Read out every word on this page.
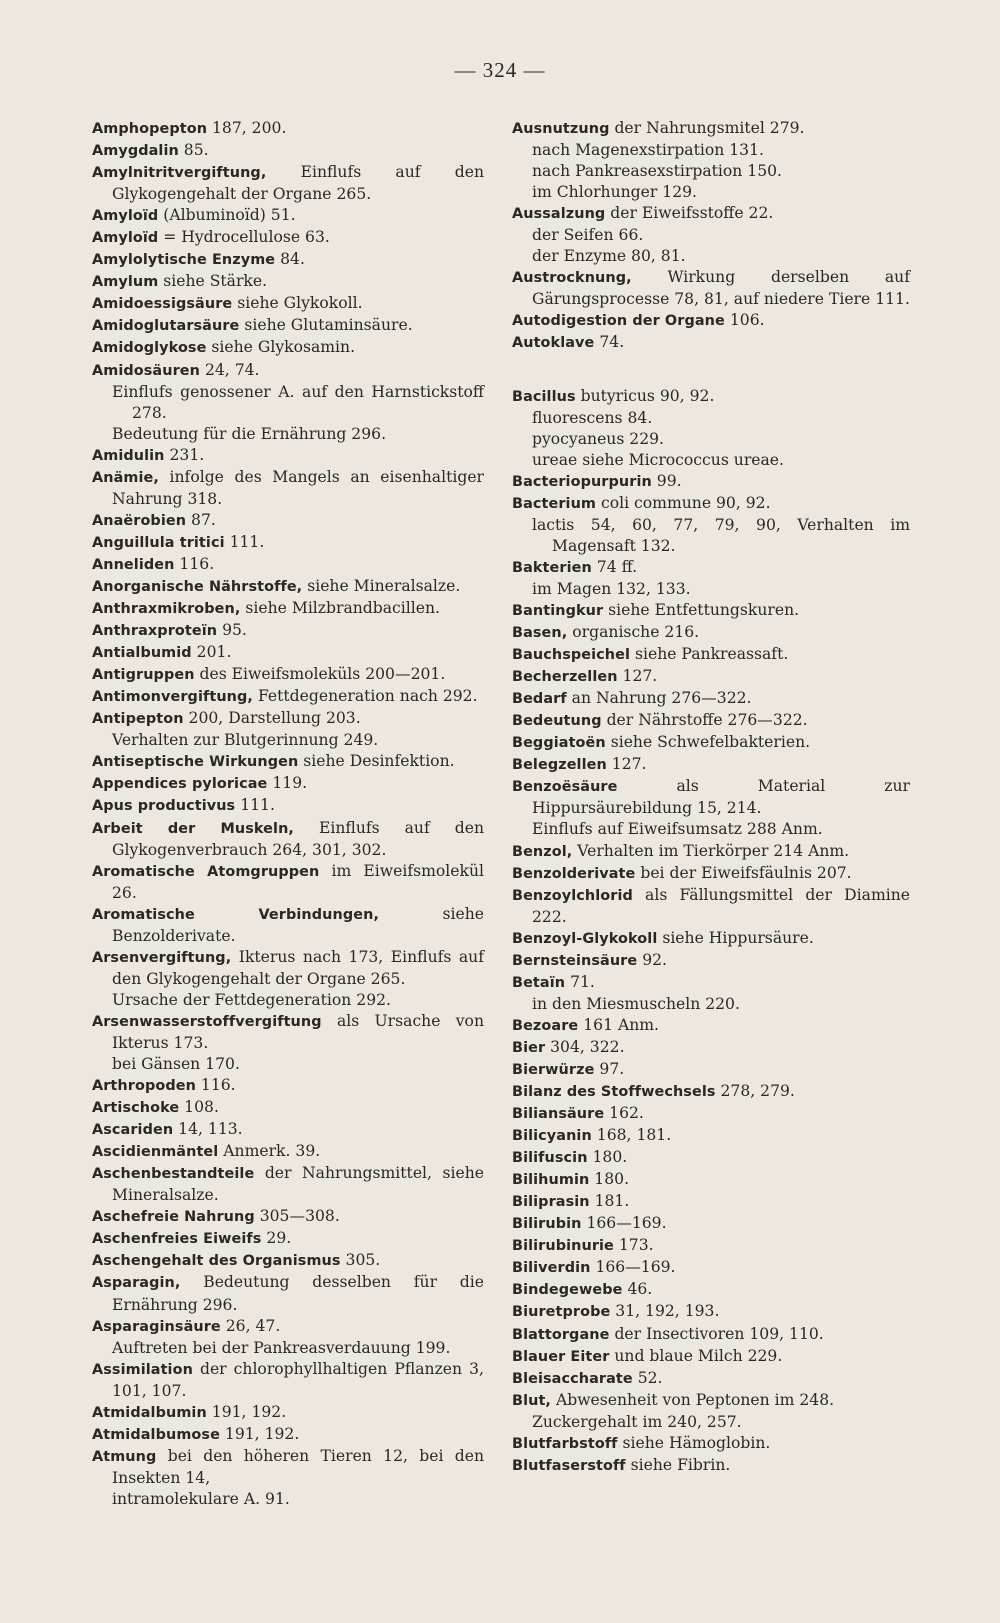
— 324 —
Amphopepton 187, 200.
Amygdalin 85.
Amylnitritvergiftung, Einflufs auf den Glykogengehalt der Organe 265.
Amyloïd (Albuminoïd) 51.
Amyloïd = Hydrocellulose 63.
Amylolytische Enzyme 84.
Amylum siehe Stärke.
Amidoessigsäure siehe Glykokoll.
Amidoglutarsäure siehe Glutaminsäure.
Amidoglykose siehe Glykosamin.
Amidosäuren 24, 74.
Einflufs genossener A. auf den Harnstickstoff 278.
Bedeutung für die Ernährung 296.
Amidulin 231.
Anämie, infolge des Mangels an eisenhaltiger Nahrung 318.
Anaërobien 87.
Anguillula tritici 111.
Anneliden 116.
Anorganische Nährstoffe, siehe Mineralsalze.
Anthraxmikroben, siehe Milzbrandbacillen.
Anthraxproteïn 95.
Antialbumid 201.
Antigruppen des Eiweifsmoleküls 200—201.
Antimonvergiftung, Fettdegeneration nach 292.
Antipepton 200, Darstellung 203.
Verhalten zur Blutgerinnung 249.
Antiseptische Wirkungen siehe Desinfektion.
Appendices pyloricae 119.
Apus productivus 111.
Arbeit der Muskeln, Einflufs auf den Glykogenverbrauch 264, 301, 302.
Aromatische Atomgruppen im Eiweifsmolekül 26.
Aromatische Verbindungen, siehe Benzolderivate.
Arsenvergiftung, Ikterus nach 173, Einflufs auf den Glykogengehalt der Organe 265.
Ursache der Fettdegeneration 292.
Arsenwasserstoffvergiftung als Ursache von Ikterus 173.
bei Gänsen 170.
Arthropoden 116.
Artischoke 108.
Ascariden 14, 113.
Ascidienmäntel Anmerk. 39.
Aschenbestandteile der Nahrungsmittel, siehe Mineralsalze.
Aschefreie Nahrung 305—308.
Aschenfreies Eiweifs 29.
Aschengehalt des Organismus 305.
Asparagin, Bedeutung desselben für die Ernährung 296.
Asparaginsäure 26, 47.
Auftreten bei der Pankreasverdauung 199.
Assimilation der chlorophyllhaltigen Pflanzen 3, 101, 107.
Atmidalbumin 191, 192.
Atmidalbumose 191, 192.
Atmung bei den höheren Tieren 12, bei den Insekten 14,
intramolekulare A. 91.
Ausnutzung der Nahrungsmitel 279.
nach Magenexstirpation 131.
nach Pankreasexstirpation 150.
im Chlorhunger 129.
Aussalzung der Eiweifsstoffe 22.
der Seifen 66.
der Enzyme 80, 81.
Austrocknung, Wirkung derselben auf Gärungsprocesse 78, 81, auf niedere Tiere 111.
Autodigestion der Organe 106.
Autoklave 74.
Bacillus butyricus 90, 92.
fluorescens 84.
pyocyaneus 229.
ureae siehe Micrococcus ureae.
Bacteriopurpurin 99.
Bacterium coli commune 90, 92.
lactis 54, 60, 77, 79, 90, Verhalten im Magensaft 132.
Bakterien 74 ff.
im Magen 132, 133.
Bantingkur siehe Entfettungskuren.
Basen, organische 216.
Bauchspeichel siehe Pankreassaft.
Becherzellen 127.
Bedarf an Nahrung 276—322.
Bedeutung der Nährstoffe 276—322.
Beggiatoën siehe Schwefelbakterien.
Belegzellen 127.
Benzoësäure als Material zur Hippursäurebildung 15, 214.
Einflufs auf Eiweifsumsatz 288 Anm.
Benzol, Verhalten im Tierkörper 214 Anm.
Benzolderivate bei der Eiweifsfäulnis 207.
Benzoylchlorid als Fällungsmittel der Diamine 222.
Benzoyl-Glykokoll siehe Hippursäure.
Bernsteinsäure 92.
Betaïn 71.
in den Miesmuscheln 220.
Bezoare 161 Anm.
Bier 304, 322.
Bierwürze 97.
Bilanz des Stoffwechsels 278, 279.
Biliansäure 162.
Bilicyanin 168, 181.
Bilifuscin 180.
Bilihumin 180.
Biliprasin 181.
Bilirubin 166—169.
Bilirubinurie 173.
Biliverdin 166—169.
Bindegewebe 46.
Biuretprobe 31, 192, 193.
Blattorgane der Insectivoren 109, 110.
Blauer Eiter und blaue Milch 229.
Bleisaccharate 52.
Blut, Abwesenheit von Peptonen im 248.
Zuckergehalt im 240, 257.
Blutfarbstoff siehe Hämoglobin.
Blutfaserstoff siehe Fibrin.
